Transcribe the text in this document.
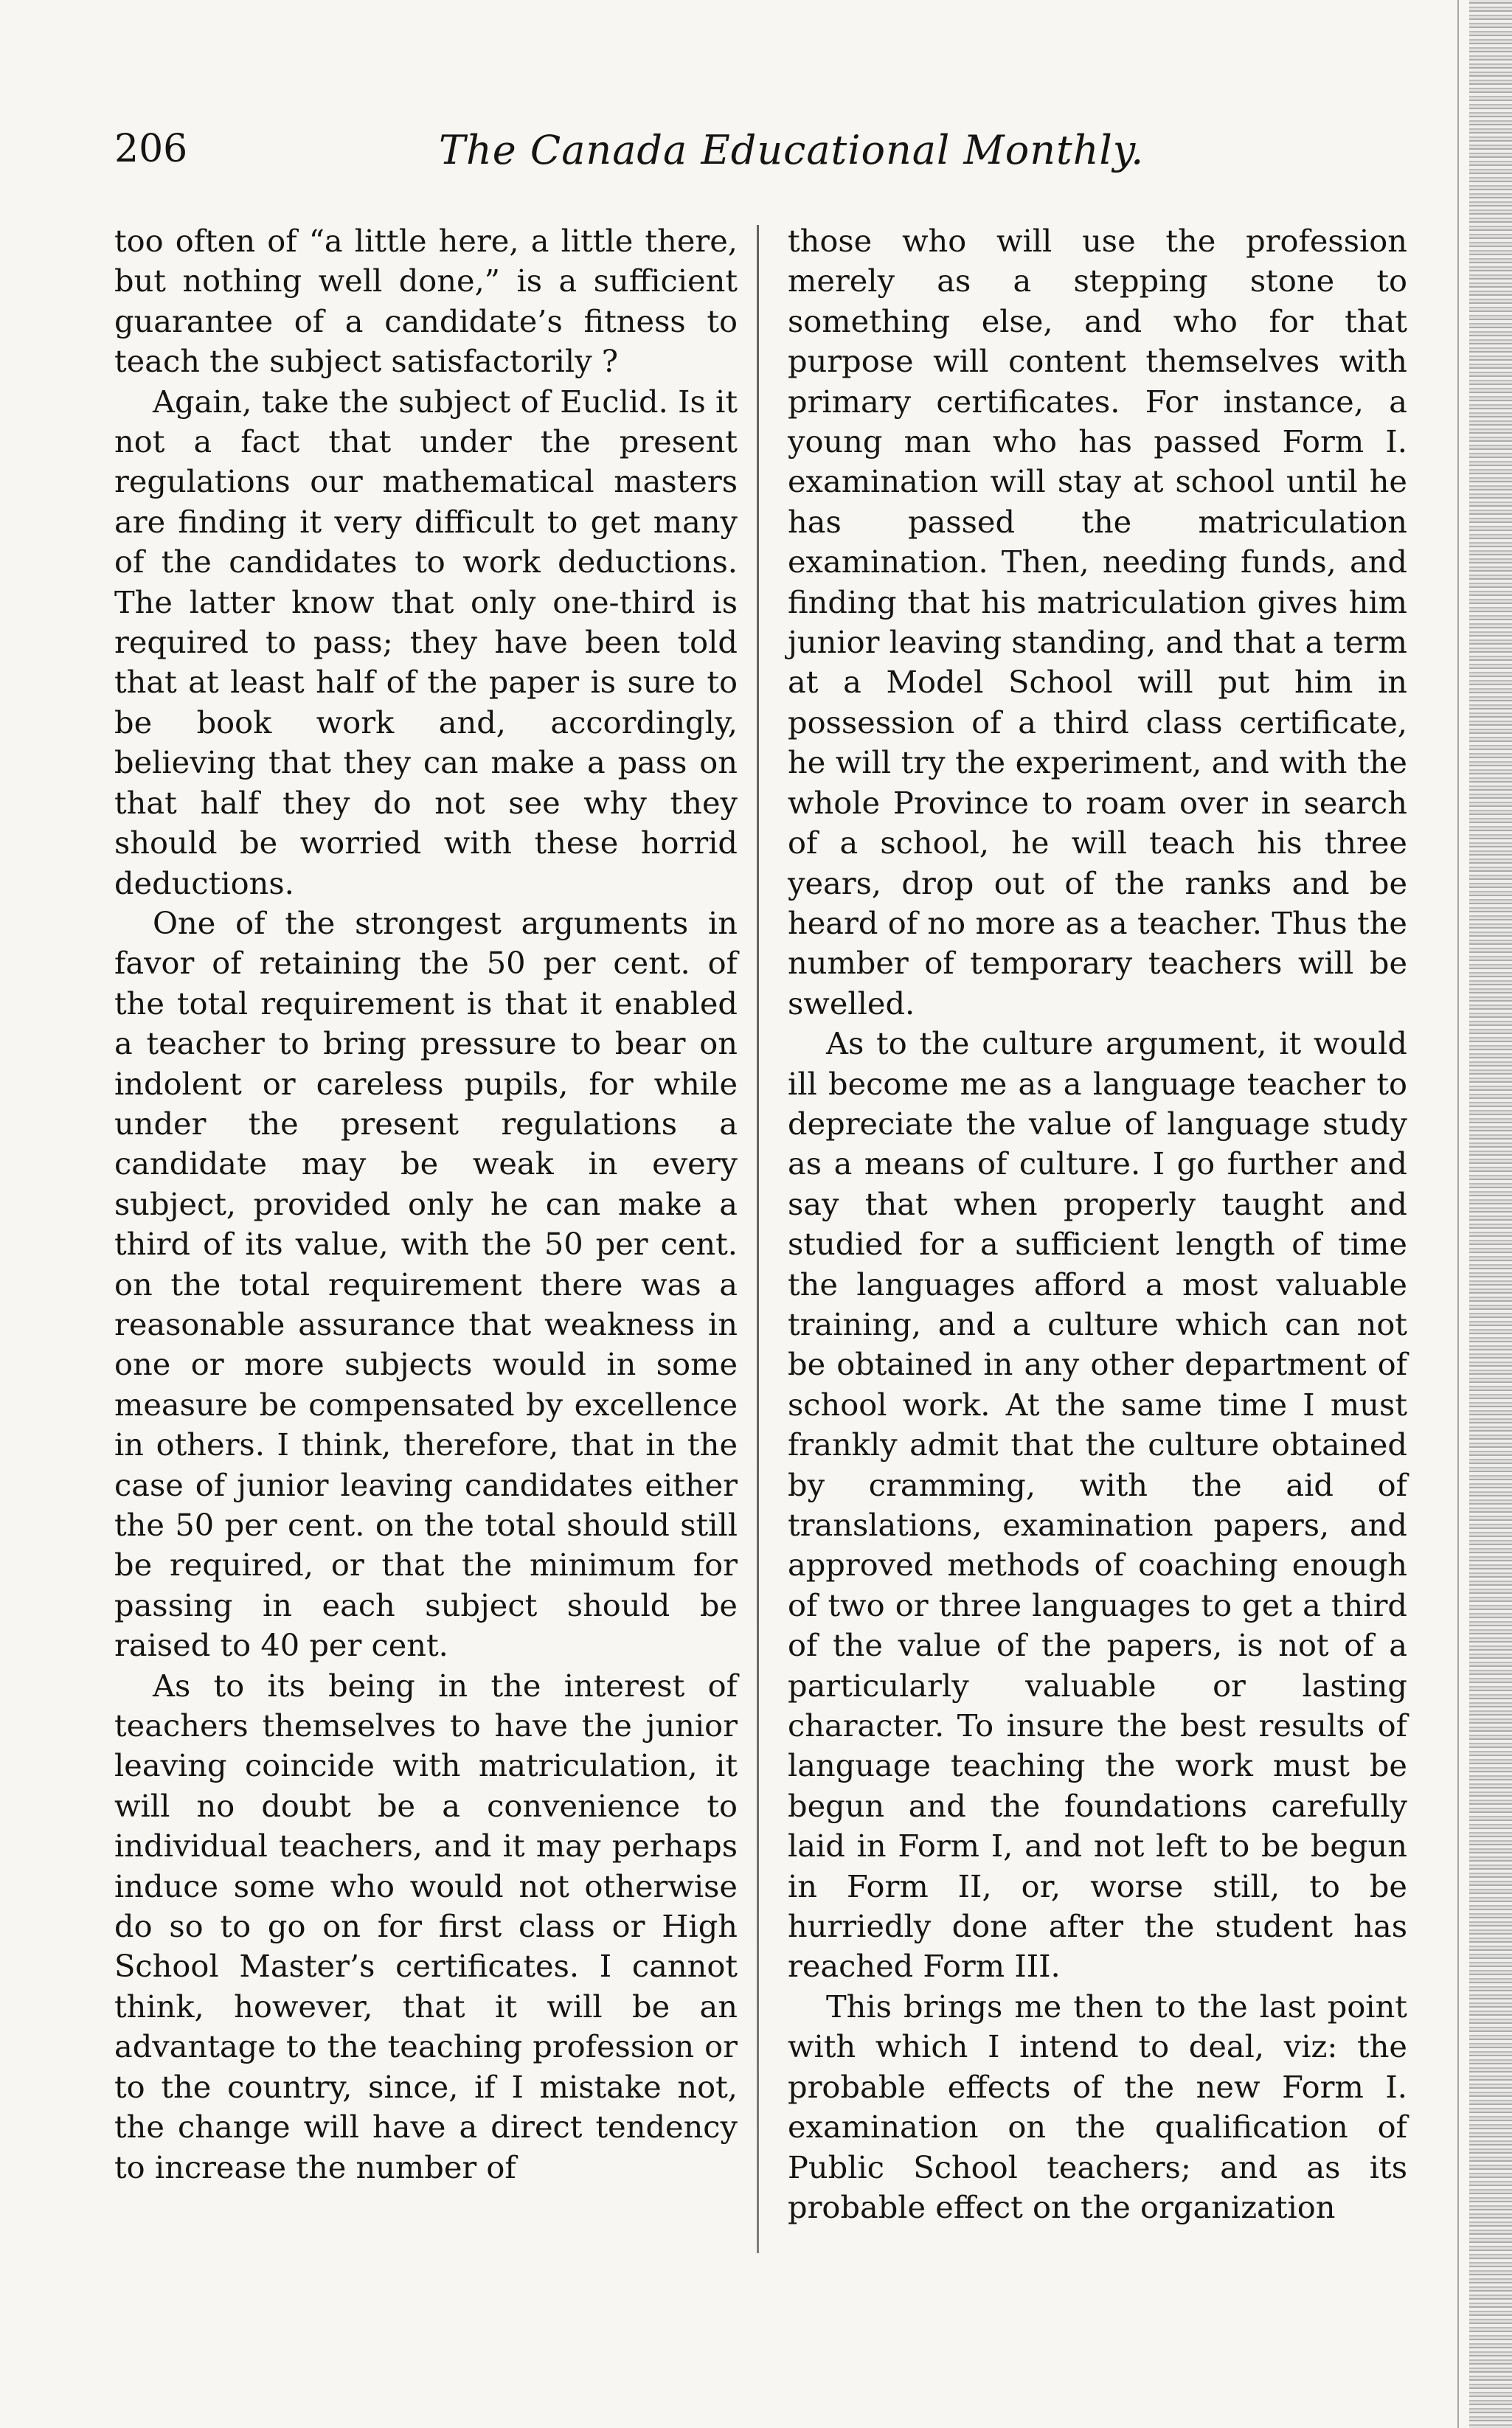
206	The Canada Educational Monthly.

too often of “a little here, a little there, but nothing well done,” is a sufficient guarantee of a candidate’s fitness to teach the subject satisfactorily ?

Again, take the subject of Euclid. Is it not a fact that under the present regulations our mathematical masters are finding it very difficult to get many of the candidates to work deductions. The latter know that only one-third is required to pass; they have been told that at least half of the paper is sure to be book work and, accordingly, believing that they can make a pass on that half they do not see why they should be worried with these horrid deductions.

One of the strongest arguments in favor of retaining the 50 per cent. of the total requirement is that it enabled a teacher to bring pressure to bear on indolent or careless pupils, for while under the present regulations a candidate may be weak in every subject, provided only he can make a third of its value, with the 50 per cent. on the total requirement there was a reasonable assurance that weakness in one or more subjects would in some measure be compensated by excellence in others. I think, therefore, that in the case of junior leaving candidates either the 50 per cent. on the total should still be required, or that the minimum for passing in each subject should be raised to 40 per cent.

As to its being in the interest of teachers themselves to have the junior leaving coincide with matriculation, it will no doubt be a convenience to individual teachers, and it may perhaps induce some who would not otherwise do so to go on for first class or High School Master’s certificates. I cannot think, however, that it will be an advantage to the teaching profession or to the country, since, if I mistake not, the change will have a direct tendency to increase the number of

those who will use the profession merely as a stepping stone to something else, and who for that purpose will content themselves with primary certificates. For instance, a young man who has passed Form I. examination will stay at school until he has passed the matriculation examination. Then, needing funds, and finding that his matriculation gives him junior leaving standing, and that a term at a Model School will put him in possession of a third class certificate, he will try the experiment, and with the whole Province to roam over in search of a school, he will teach his three years, drop out of the ranks and be heard of no more as a teacher. Thus the number of temporary teachers will be swelled.

As to the culture argument, it would ill become me as a language teacher to depreciate the value of language study as a means of culture. I go further and say that when properly taught and studied for a sufficient length of time the languages afford a most valuable training, and a culture which can not be obtained in any other department of school work. At the same time I must frankly admit that the culture obtained by cramming, with the aid of translations, examination papers, and approved methods of coaching enough of two or three languages to get a third of the value of the papers, is not of a particularly valuable or lasting character. To insure the best results of language teaching the work must be begun and the foundations carefully laid in Form I, and not left to be begun in Form II, or, worse still, to be hurriedly done after the student has reached Form III.

This brings me then to the last point with which I intend to deal, viz: the probable effects of the new Form I. examination on the qualification of Public School teachers; and as its probable effect on the organization
